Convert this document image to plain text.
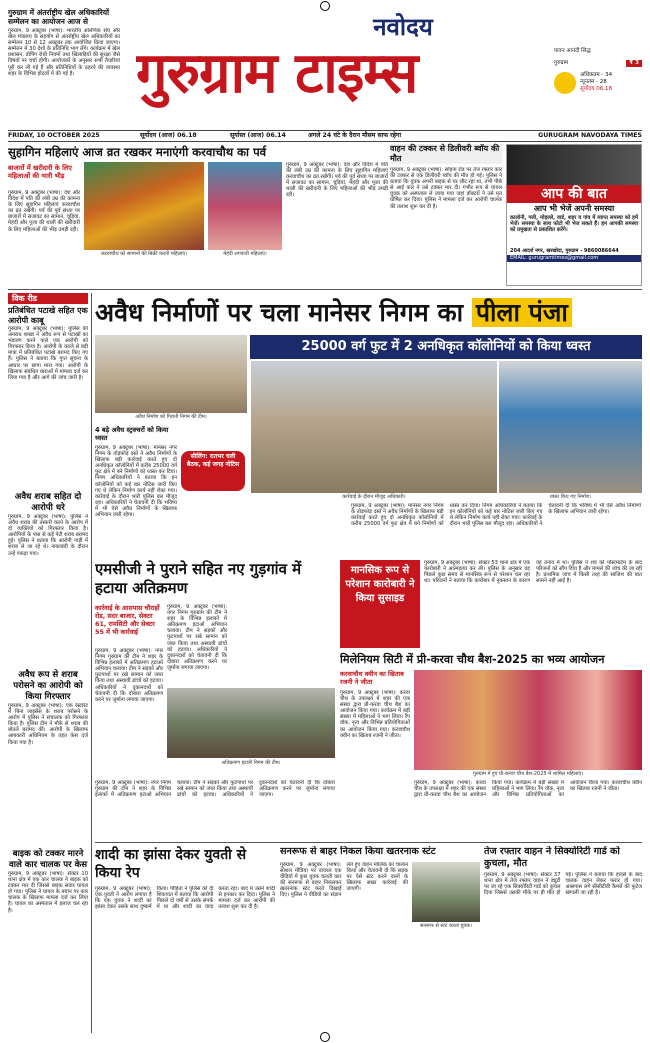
गुरुग्राम में अंतर्राष्ट्रीय खेल अधिकारियों सम्मेलन का आयोजन आज से
गुरुग्राम, 9 अक्टूबर (भाषा): भारतीय ओलंपिक संघ और खेल मंत्रालय के सहयोग से अंतर्राष्ट्रीय खेल अधिकारियों का सम्मेलन 10 से 12 अक्टूबर तक आयोजित किया जाएगा। सम्मेलन में 30 देशों के प्रतिनिधि भाग लेंगे। कार्यक्रम में खेल प्रशासन, डोपिंग रोधी नियमों तथा खिलाड़ियों की सुरक्षा जैसे विषयों पर चर्चा होगी। आयोजकों के अनुसार सभी तैयारियां पूरी कर ली गई हैं और प्रतिनिधियों के ठहरने की व्यवस्था शहर के विभिन्न होटलों में की गई है।
नवोदय
गुरुग्राम टाइम्स	पावन आनंदी सिद्ध
गुरुग्राम	₹ 3
अधिकतम - 34
न्यूनतम - 28
सूर्योदय 06.18
FRIDAY, 10 OCTOBER 2025	सूर्योदय (आज) 06.18	सूर्यास्त (आज) 06.14	अगले 24 घंटे के दैरान मौसम साफ रहेगा	GURUGRAM NAVODAYA TIMES
सुहागिन महिलाएं आज व्रत रखकर मनाएंगी करवाचौथ का पर्व
बाजारों में खरीदारी के लिए महिलाओं की भारी भीड़
गुरुग्राम, 9 अक्टूबर (भाषा): देश और विदेश में पति की लंबी उम्र की कामना के लिए सुहागिन महिलाएं करवाचौथ का व्रत रखेंगी। पर्व की पूर्व संध्या पर बाजारों में सजावट का सामान, चूड़ियां, मेहंदी और पूजा की थाली की खरीदारी के लिए महिलाओं की भीड़ उमड़ी रही।
करवाचौथ को सामानों की बिक्री करती महिलाएं।	मेहंदी लगवाती महिलाएं।
गुरुग्राम, 9 अक्टूबर (भाषा): देश और विदेश में पति की लंबी उम्र की कामना के लिए सुहागिन महिलाएं करवाचौथ का व्रत रखेंगी। पर्व की पूर्व संध्या पर बाजारों में सजावट का सामान, चूड़ियां, मेहंदी और पूजा की थाली की खरीदारी के लिए महिलाओं की भीड़ उमड़ी रही।
वाहन की टक्कर से डिलीवरी ब्वॉय की मौत
गुरुग्राम, 9 अक्टूबर (भाषा): सोहना रोड पर तेज रफ्तार कार की टक्कर से एक डिलीवरी ब्वॉय की मौत हो गई। पुलिस ने बताया कि युवक अपनी बाइक से घर लौट रहा था, तभी पीछे से आई कार ने उसे टक्कर मार दी। गंभीर रूप से घायल युवक को अस्पताल ले जाया गया जहां डॉक्टरों ने उसे मृत घोषित कर दिया। पुलिस ने मामला दर्ज कर आरोपी चालक की तलाश शुरू कर दी है।
आप की बात
आप भी भेजें अपनी समस्या
कालोनी, गली, मोहल्ले, वार्ड, शहर व गांव में व्याप्त समस्या को हमें भेजें। समस्या के साथ फोटो भी भेज सकते हैं। हम आपकी समस्या को प्रमुखता से प्रकाशित करेंगे।
204 आदर्श नगर, खरखोदा, गुरुग्राम - 9860086644
EMAIL: gurugramtimes@gmail.com
विक रीड
प्रतिबंधित पटाखे सहित एक आरोपी काबू
गुरुग्राम, 9 अक्टूबर (भाषा): पुलिस की अपराध शाखा ने अवैध रूप से पटाखों का भंडारण करने वाले एक आरोपी को गिरफ्तार किया है। आरोपी के कब्जे से बड़ी मात्रा में प्रतिबंधित पटाखे बरामद किए गए हैं। पुलिस ने बताया कि गुप्त सूचना के आधार पर छापा मारा गया। आरोपी के खिलाफ संबंधित धाराओं में मामला दर्ज कर लिया गया है और आगे की जांच जारी है।
अवैध शराब सहित दो आरोपी धरे
गुरुग्राम, 9 अक्टूबर (भाषा): पुलिस ने अवैध शराब की तस्करी करने के आरोप में दो व्यक्तियों को गिरफ्तार किया है। आरोपियों के पास से कई पेटी शराब बरामद हुई। पुलिस ने बताया कि आरोपी गाड़ी में शराब ले जा रहे थे। नाकाबंदी के दौरान उन्हें पकड़ा गया।
अवैध रूप से शराब परोसने का आरोपी को किया गिरफ्तार
गुरुग्राम, 9 अक्टूबर (भाषा): एक रेस्टोरेंट में बिना लाइसेंस के शराब परोसने के आरोप में पुलिस ने संचालक को गिरफ्तार किया है। पुलिस टीम ने मौके से शराब की बोतलें बरामद कीं। आरोपी के खिलाफ आबकारी अधिनियम के तहत केस दर्ज किया गया है।
बाइक को टक्कर मारने वाले कार चालक पर केस
गुरुग्राम, 9 अक्टूबर (भाषा): सेक्टर 10 थाना क्षेत्र में एक कार चालक ने बाइक को टक्कर मार दी जिससे बाइक सवार घायल हो गया। पुलिस ने घायल के बयान पर कार चालक के खिलाफ मामला दर्ज कर लिया है। घायल का अस्पताल में इलाज चल रहा है।
अवैध निर्माणों पर चला मानेसर निगम का पीला पंजा
25000 वर्ग फुट में 2 अनधिकृत कॉलोनियों को किया ध्वस्त
अवैध निर्माण को गिराती निगम की टीम।
4 बड़े अवैध स्ट्रक्चरों को किया ध्वस्त
गुरुग्राम, 9 अक्टूबर (भाषा): मानेसर नगर निगम के तोड़फोड़ दस्ते ने अवैध निर्माणों के खिलाफ बड़ी कार्रवाई करते हुए दो अनधिकृत कॉलोनियों में करीब 25000 वर्ग फुट क्षेत्र में बने निर्माणों को ध्वस्त कर दिया। निगम अधिकारियों ने बताया कि इन कॉलोनियों को कई बार नोटिस जारी किए गए थे लेकिन निर्माण कार्य नहीं रोका गया। कार्रवाई के दौरान भारी पुलिस बल मौजूद रहा। अधिकारियों ने चेतावनी दी कि भविष्य में भी ऐसे अवैध निर्माणों के खिलाफ अभियान जारी रहेगा।
सीलिंग: रातभर चली बैठक, कई जगह नोटिस
कार्रवाई के दौरान मौजूद अधिकारी।	ध्वस्त किए गए निर्माण।
गुरुग्राम, 9 अक्टूबर (भाषा): मानेसर नगर निगम के तोड़फोड़ दस्ते ने अवैध निर्माणों के खिलाफ बड़ी कार्रवाई करते हुए दो अनधिकृत कॉलोनियों में करीब 25000 वर्ग फुट क्षेत्र में बने निर्माणों को ध्वस्त कर दिया। निगम अधिकारियों ने बताया कि इन कॉलोनियों को कई बार नोटिस जारी किए गए थे लेकिन निर्माण कार्य नहीं रोका गया। कार्रवाई के दौरान भारी पुलिस बल मौजूद रहा। अधिकारियों ने चेतावनी दी कि भविष्य में भी ऐसे अवैध निर्माणों के खिलाफ अभियान जारी रहेगा।
एमसीजी ने पुराने सहित नए गुड़गांव में हटाया अतिक्रमण
कार्रवाई के आसपास चौराहों रोड, सदर बाजार, सेक्टर 61, रामसिटी और सेक्टर 55 में भी कार्रवाई
गुरुग्राम, 9 अक्टूबर (भाषा): नगर निगम गुरुग्राम की टीम ने शहर के विभिन्न इलाकों में अतिक्रमण हटाओ अभियान चलाया। टीम ने सड़कों और फुटपाथों पर रखे सामान को जब्त किया तथा अस्थायी ढांचों को हटाया। अधिकारियों ने दुकानदारों को चेतावनी दी कि दोबारा अतिक्रमण करने पर जुर्माना लगाया जाएगा।
अतिक्रमण हटाती निगम की टीम।
गुरुग्राम, 9 अक्टूबर (भाषा): नगर निगम गुरुग्राम की टीम ने शहर के विभिन्न इलाकों में अतिक्रमण हटाओ अभियान चलाया। टीम ने सड़कों और फुटपाथों पर रखे सामान को जब्त किया तथा अस्थायी ढांचों को हटाया। अधिकारियों ने दुकानदारों को चेतावनी दी कि दोबारा अतिक्रमण करने पर जुर्माना लगाया जाएगा।
गुरुग्राम, 9 अक्टूबर (भाषा): नगर निगम गुरुग्राम की टीम ने शहर के विभिन्न इलाकों में अतिक्रमण हटाओ अभियान चलाया। टीम ने सड़कों और फुटपाथों पर रखे सामान को जब्त किया तथा अस्थायी ढांचों को हटाया। अधिकारियों ने दुकानदारों को चेतावनी दी कि दोबारा अतिक्रमण करने पर जुर्माना लगाया जाएगा।
मानसिक रूप से परेशान कारोबारी ने किया सुसाइड
गुरुग्राम, 9 अक्टूबर (भाषा): सेक्टर 53 थाना क्षेत्र में एक कारोबारी ने आत्महत्या कर ली। पुलिस के अनुसार वह पिछले कुछ समय से मानसिक रूप से परेशान चल रहा था। परिजनों ने बताया कि कारोबार में नुकसान के कारण वह तनाव में था। पुलिस ने शव को पोस्टमार्टम के बाद परिजनों को सौंप दिया है और मामले की जांच की जा रही है। प्राथमिक जांच में किसी तरह की साजिश की बात सामने नहीं आई है।
मिलेनियम सिटी में प्री-करवा चौथ बैश-2025 का भव्य आयोजन
करवाचौथ क्वीन का खिताब रजनी ने जीता
गुरुग्राम, 9 अक्टूबर (भाषा): करवा चौथ के उपलक्ष्य में शहर की एक संस्था द्वारा प्री-करवा चौथ बैश का आयोजन किया गया। कार्यक्रम में बड़ी संख्या में महिलाओं ने भाग लिया। रैंप वॉक, नृत्य और विभिन्न प्रतियोगिताओं का आयोजन किया गया। करवाचौथ क्वीन का खिताब रजनी ने जीता।
गुरुग्राम में हुए प्री-करवा चौथ बैश-2025 में शामिल महिलाएं।
गुरुग्राम, 9 अक्टूबर (भाषा): करवा चौथ के उपलक्ष्य में शहर की एक संस्था द्वारा प्री-करवा चौथ बैश का आयोजन किया गया। कार्यक्रम में बड़ी संख्या में महिलाओं ने भाग लिया। रैंप वॉक, नृत्य और विभिन्न प्रतियोगिताओं का आयोजन किया गया। करवाचौथ क्वीन का खिताब रजनी ने जीता।
शादी का झांसा देकर युवती से किया रेप
गुरुग्राम, 9 अक्टूबर (भाषा): एक युवती ने आरोप लगाया है कि एक युवक ने शादी का झांसा देकर उसके साथ दुष्कर्म किया। पीड़िता ने पुलिस को दी शिकायत में बताया कि आरोपी पिछले दो वर्षों से उसके संपर्क में था और शादी का वादा करता रहा। बाद में उसने शादी से इनकार कर दिया। पुलिस ने मामला दर्ज कर आरोपी की तलाश शुरू कर दी है।
सनरूफ से बाहर निकल किया खतरनाक स्टंट
सनरूफ से स्टंट करता युवक।
गुरुग्राम, 9 अक्टूबर (भाषा): सोशल मीडिया पर वायरल एक वीडियो में कुछ युवक चलती कार की सनरूफ से बाहर निकलकर खतरनाक स्टंट करते दिखाई दिए। पुलिस ने वीडियो का संज्ञान लेते हुए वाहन मालिक का चालान किया और चेतावनी दी कि सड़क पर ऐसे स्टंट करने वालों के खिलाफ सख्त कार्रवाई की जाएगी।
तेज रफ्तार वाहन ने सिक्योरिटी गार्ड को कुचला, मौत
गुरुग्राम, 9 अक्टूबर (भाषा): सेक्टर 37 थाना क्षेत्र में तेज रफ्तार वाहन ने ड्यूटी पर जा रहे एक सिक्योरिटी गार्ड को कुचल दिया जिससे उसकी मौके पर ही मौत हो गई। पुलिस ने बताया कि हादसे के बाद चालक वाहन लेकर फरार हो गया। आसपास लगे सीसीटीवी कैमरों की फुटेज खंगाली जा रही है।
